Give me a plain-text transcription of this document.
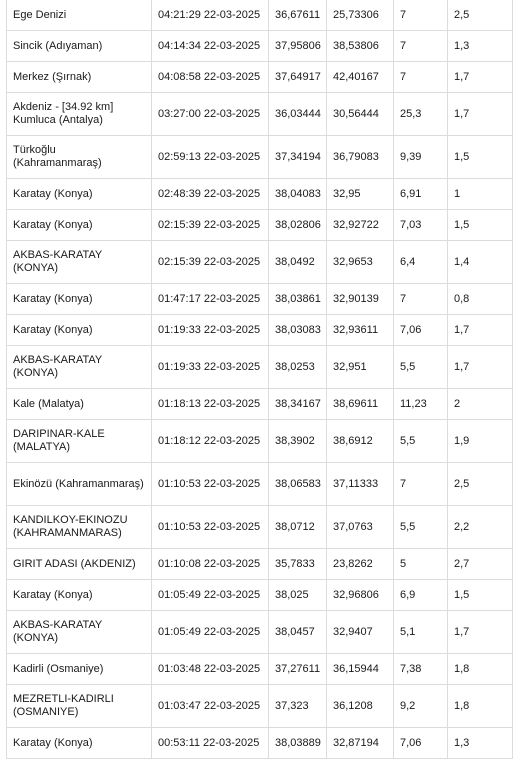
Ege Denizi	04:21:29 22-03-2025	36,67611	25,73306	7	2,5
Sincik (Adıyaman)	04:14:34 22-03-2025	37,95806	38,53806	7	1,3
Merkez (Şırnak)	04:08:58 22-03-2025	37,64917	42,40167	7	1,7
Akdeniz - [34.92 km] Kumluca (Antalya)	03:27:00 22-03-2025	36,03444	30,56444	25,3	1,7
Türkoğlu (Kahramanmaraş)	02:59:13 22-03-2025	37,34194	36,79083	9,39	1,5
Karatay (Konya)	02:48:39 22-03-2025	38,04083	32,95	6,91	1
Karatay (Konya)	02:15:39 22-03-2025	38,02806	32,92722	7,03	1,5
AKBAS-KARATAY (KONYA)	02:15:39 22-03-2025	38,0492	32,9653	6,4	1,4
Karatay (Konya)	01:47:17 22-03-2025	38,03861	32,90139	7	0,8
Karatay (Konya)	01:19:33 22-03-2025	38,03083	32,93611	7,06	1,7
AKBAS-KARATAY (KONYA)	01:19:33 22-03-2025	38,0253	32,951	5,5	1,7
Kale (Malatya)	01:18:13 22-03-2025	38,34167	38,69611	11,23	2
DARIPINAR-KALE (MALATYA)	01:18:12 22-03-2025	38,3902	38,6912	5,5	1,9
Ekinözü (Kahramanmaraş)	01:10:53 22-03-2025	38,06583	37,11333	7	2,5
KANDILKOY-EKINOZU (KAHRAMANMARAS)	01:10:53 22-03-2025	38,0712	37,0763	5,5	2,2
GIRIT ADASI (AKDENIZ)	01:10:08 22-03-2025	35,7833	23,8262	5	2,7
Karatay (Konya)	01:05:49 22-03-2025	38,025	32,96806	6,9	1,5
AKBAS-KARATAY (KONYA)	01:05:49 22-03-2025	38,0457	32,9407	5,1	1,7
Kadirli (Osmaniye)	01:03:48 22-03-2025	37,27611	36,15944	7,38	1,8
MEZRETLI-KADIRLI (OSMANIYE)	01:03:47 22-03-2025	37,323	36,1208	9,2	1,8
Karatay (Konya)	00:53:11 22-03-2025	38,03889	32,87194	7,06	1,3
